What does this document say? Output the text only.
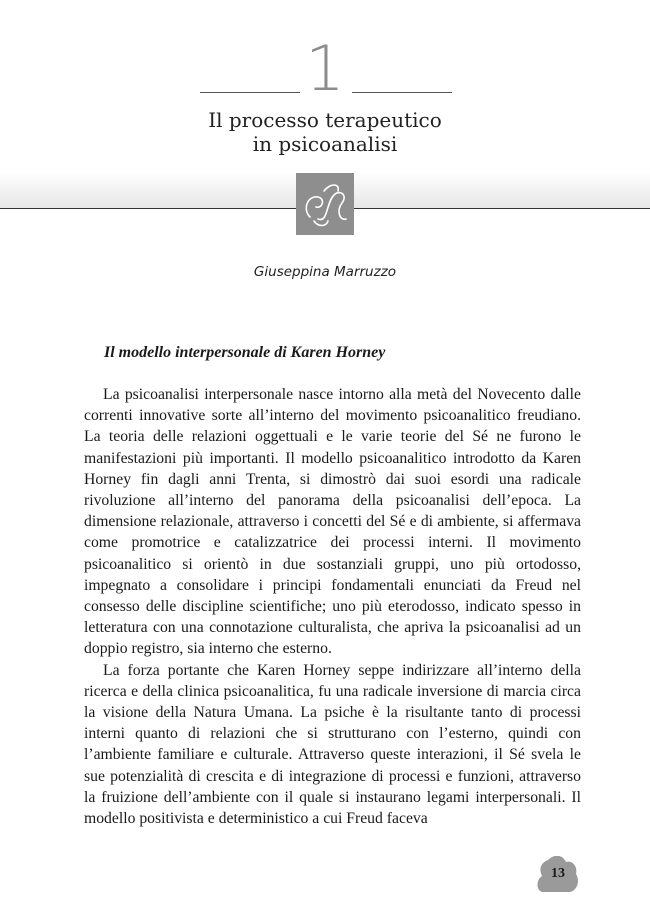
1
Il processo terapeutico
in psicoanalisi
Giuseppina Marruzzo
Il modello interpersonale di Karen Horney

La psicoanalisi interpersonale nasce intorno alla metà del Novecento dalle correnti innovative sorte all’interno del movimento psicoanalitico freudiano. La teoria delle relazioni oggettuali e le varie teorie del Sé ne furono le manifestazioni più importanti. Il modello psicoanalitico introdotto da Karen Horney fin dagli anni Trenta, si dimostrò dai suoi esordi una radicale rivoluzione all’interno del panorama della psicoanalisi dell’epoca. La dimensione relazionale, attraverso i concetti del Sé e di ambiente, si affermava come promotrice e catalizzatrice dei processi interni. Il movimento psicoanalitico si orientò in due sostanziali gruppi, uno più ortodosso, impegnato a consolidare i principi fondamentali enunciati da Freud nel consesso delle discipline scientifiche; uno più eterodosso, indicato spesso in letteratura con una connotazione culturalista, che apriva la psicoanalisi ad un doppio registro, sia interno che esterno.

La forza portante che Karen Horney seppe indirizzare all’interno della ricerca e della clinica psicoanalitica, fu una radicale inversione di marcia circa la visione della Natura Umana. La psiche è la risultante tanto di processi interni quanto di relazioni che si strutturano con l’esterno, quindi con l’ambiente familiare e culturale. Attraverso queste interazioni, il Sé svela le sue potenzialità di crescita e di integrazione di processi e funzioni, attraverso la fruizione dell’ambiente con il quale si instaurano legami interpersonali. Il modello positivista e deterministico a cui Freud faceva

13
